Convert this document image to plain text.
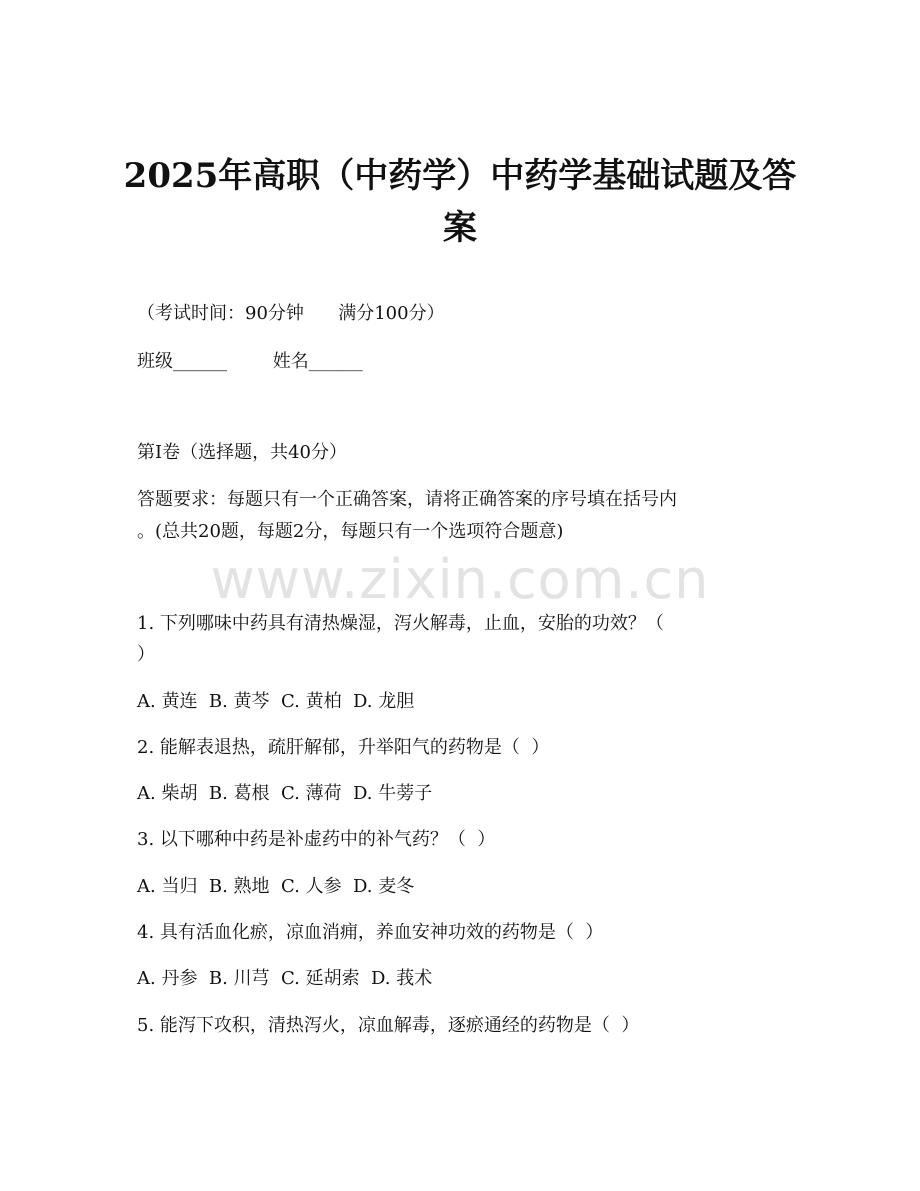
www.zixin.com.cn
2025年高职（中药学）中药学基础试题及答
案
（考试时间：90分钟      满分100分）
班级______        姓名______
第I卷（选择题，共40分）
答题要求：每题只有一个正确答案，请将正确答案的序号填在括号内
。(总共20题，每题2分，每题只有一个选项符合题意)
1. 下列哪味中药具有清热燥湿，泻火解毒，止血，安胎的功效？（
）
A. 黄连  B. 黄芩  C. 黄柏  D. 龙胆
2. 能解表退热，疏肝解郁，升举阳气的药物是（  ）
A. 柴胡  B. 葛根  C. 薄荷  D. 牛蒡子
3. 以下哪种中药是补虚药中的补气药？（  ）
A. 当归  B. 熟地  C. 人参  D. 麦冬
4. 具有活血化瘀，凉血消痈，养血安神功效的药物是（  ）
A. 丹参  B. 川芎  C. 延胡索  D. 莪术
5. 能泻下攻积，清热泻火，凉血解毒，逐瘀通经的药物是（  ）
